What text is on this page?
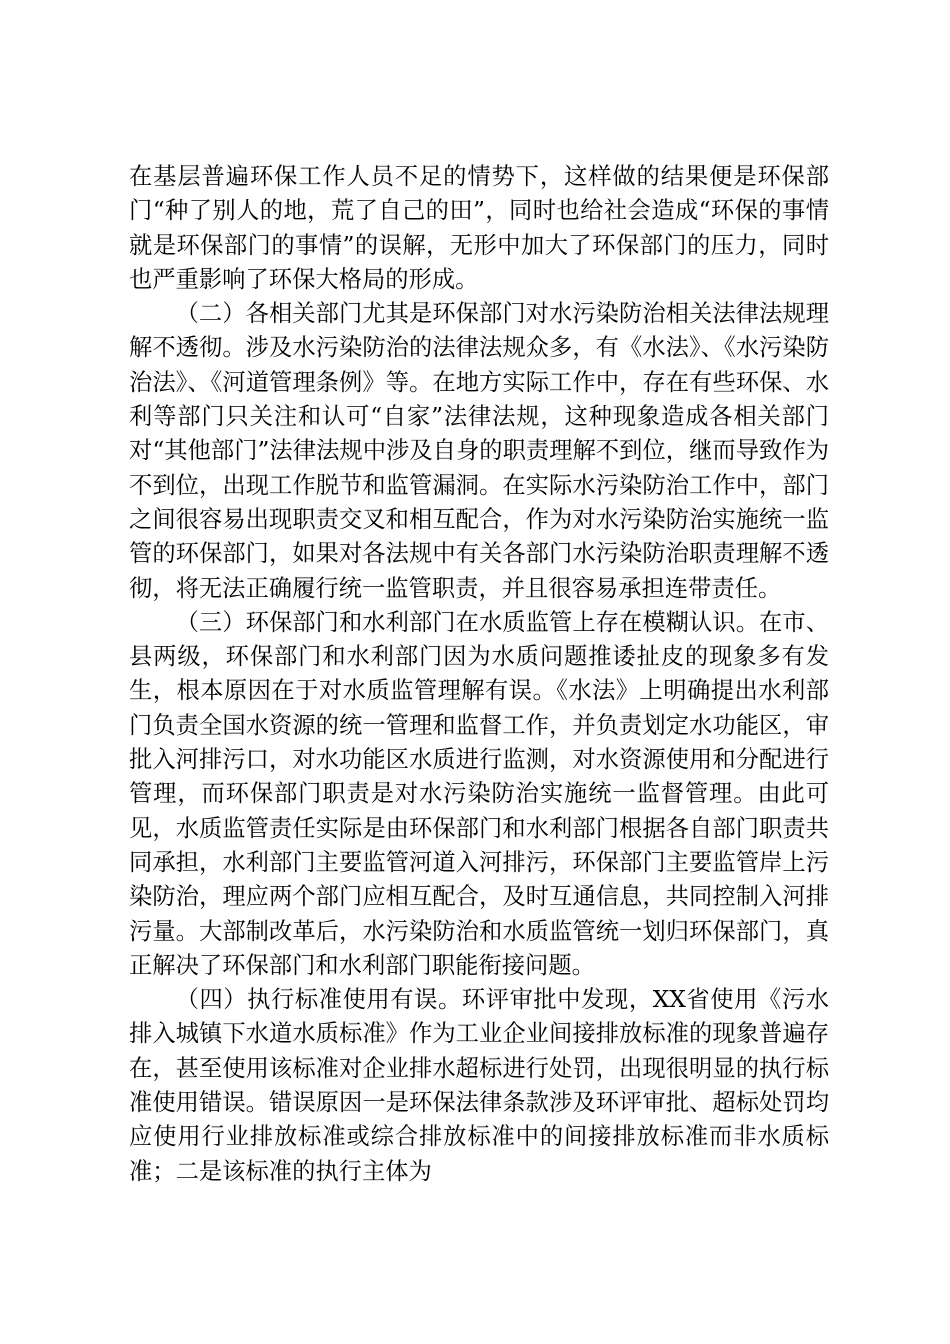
在基层普遍环保工作人员不足的情势下，这样做的结果便是环保部门“种了别人的地，荒了自己的田”，同时也给社会造成“环保的事情就是环保部门的事情”的误解，无形中加大了环保部门的压力，同时也严重影响了环保大格局的形成。

（二）各相关部门尤其是环保部门对水污染防治相关法律法规理解不透彻。涉及水污染防治的法律法规众多，有《水法》、《水污染防治法》、《河道管理条例》等。在地方实际工作中，存在有些环保、水利等部门只关注和认可“自家”法律法规，这种现象造成各相关部门对“其他部门”法律法规中涉及自身的职责理解不到位，继而导致作为不到位，出现工作脱节和监管漏洞。在实际水污染防治工作中，部门之间很容易出现职责交叉和相互配合，作为对水污染防治实施统一监管的环保部门，如果对各法规中有关各部门水污染防治职责理解不透彻，将无法正确履行统一监管职责，并且很容易承担连带责任。

（三）环保部门和水利部门在水质监管上存在模糊认识。在市、县两级，环保部门和水利部门因为水质问题推诿扯皮的现象多有发生，根本原因在于对水质监管理解有误。《水法》上明确提出水利部门负责全国水资源的统一管理和监督工作，并负责划定水功能区，审批入河排污口，对水功能区水质进行监测，对水资源使用和分配进行管理，而环保部门职责是对水污染防治实施统一监督管理。由此可见，水质监管责任实际是由环保部门和水利部门根据各自部门职责共同承担，水利部门主要监管河道入河排污，环保部门主要监管岸上污染防治，理应两个部门应相互配合，及时互通信息，共同控制入河排污量。大部制改革后，水污染防治和水质监管统一划归环保部门，真正解决了环保部门和水利部门职能衔接问题。

（四）执行标准使用有误。环评审批中发现，XX省使用《污水排入城镇下水道水质标准》作为工业企业间接排放标准的现象普遍存在，甚至使用该标准对企业排水超标进行处罚，出现很明显的执行标准使用错误。错误原因一是环保法律条款涉及环评审批、超标处罚均应使用行业排放标准或综合排放标准中的间接排放标准而非水质标准；二是该标准的执行主体为
